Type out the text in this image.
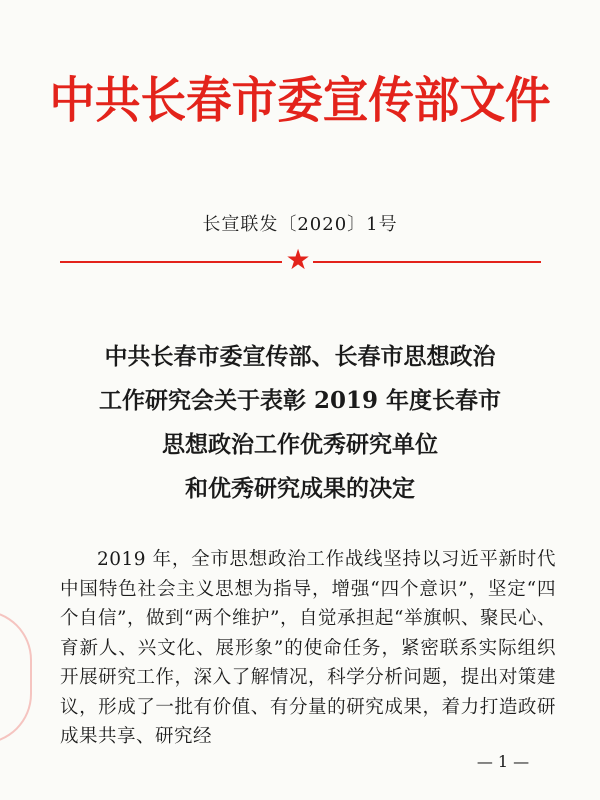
中共长春市委宣传部文件
长宣联发〔2020〕1号
★
中共长春市委宣传部、长春市思想政治
工作研究会关于表彰 2019 年度长春市
思想政治工作优秀研究单位
和优秀研究成果的决定
2019 年，全市思想政治工作战线坚持以习近平新时代中国特色社会主义思想为指导，增强“四个意识”，坚定“四个自信”，做到“两个维护”，自觉承担起“举旗帜、聚民心、育新人、兴文化、展形象”的使命任务，紧密联系实际组织开展研究工作，深入了解情况，科学分析问题，提出对策建议，形成了一批有价值、有分量的研究成果，着力打造政研成果共享、研究经
— 1 —
